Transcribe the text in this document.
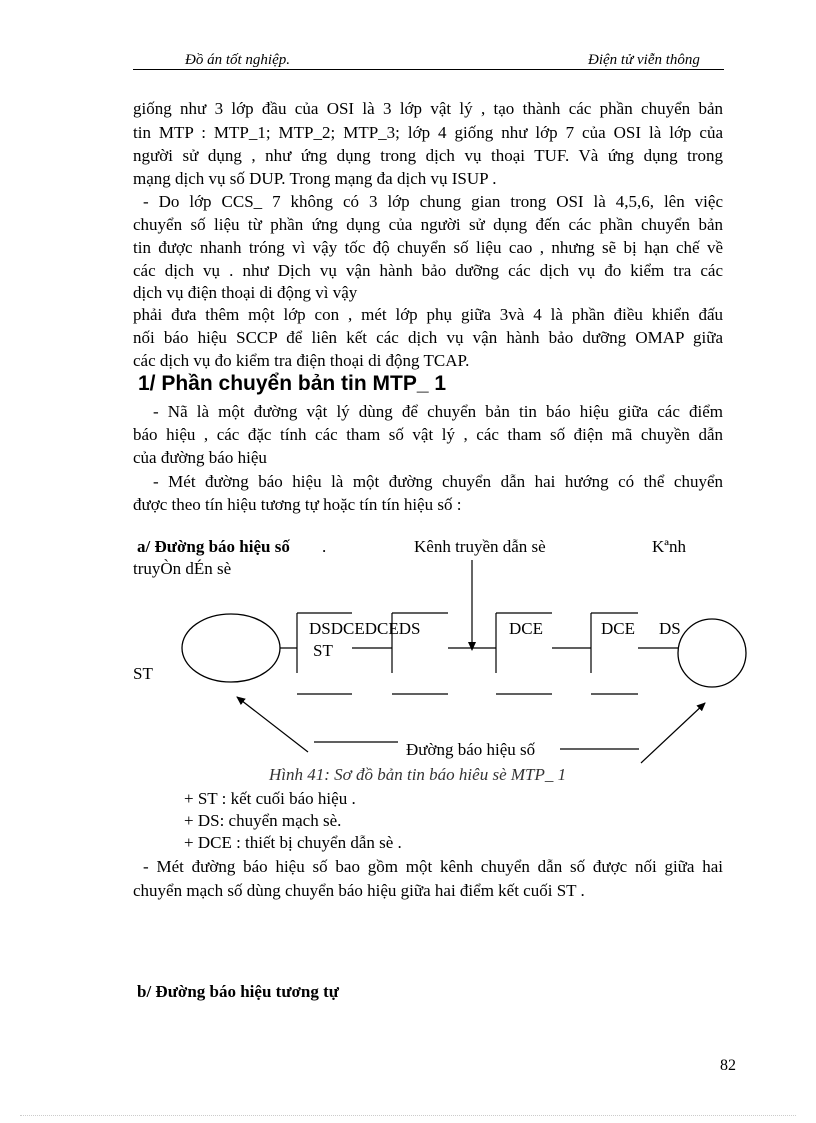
Đồ án tốt nghiệp.	Điện tử viễn thông
giống như 3 lớp đầu của OSI là 3 lớp vật lý , tạo thành các phần chuyển bản
tin MTP : MTP_1; MTP_2; MTP_3; lớp 4 giống như lớp 7 của OSI là lớp của
người sử dụng , như ứng dụng trong dịch vụ thoại TUF. Và ứng dụng trong
mạng dịch vụ số DUP. Trong mạng đa dịch vụ ISUP .
- Do lớp CCS_ 7 không có 3 lớp chung gian trong OSI là 4,5,6, lên việc
chuyển số liệu từ phần ứng dụng của người sử dụng đến các phần chuyển bản
tin được nhanh tróng vì vậy tốc độ chuyển số liệu cao , nhưng sẽ bị hạn chế về
các dịch vụ . như Dịch vụ vận hành bảo dưỡng các dịch vụ đo kiểm tra các
dịch vụ điện thoại di động vì vậy
phải đưa thêm một lớp con , mét lớp phụ giữa 3và 4 là phần điều khiển đấu
nối báo hiệu SCCP để liên kết các dịch vụ vận hành bảo dưỡng OMAP giữa
các dịch vụ đo kiểm tra điện thoại di động TCAP.
1/ Phần chuyển bản tin MTP_ 1
- Nã là một đường vật lý dùng để chuyển bản tin báo hiệu giữa các điểm
báo hiệu , các đặc tính các tham số vật lý , các tham số điện mã chuyền dẫn
của đường báo hiệu
- Mét đường báo hiệu là một đường chuyển dẫn hai hướng có thể chuyển
được theo tín hiệu tương tự hoặc tín tín hiệu số :
a/ Đường báo hiệu số .	Kênh truyền dẫn sè	Kªnh
truyÒn dÉn sè
DSDCEDCEDS
ST
DCE	DCE DS
ST
Đường báo hiệu số
Hình 41: Sơ đồ bản tin báo hiêu sè MTP_ 1
+ ST : kết cuối báo hiệu .
+ DS: chuyển mạch sè.
+ DCE : thiết bị chuyển dẫn sè .
- Mét đường báo hiệu số bao gồm một kênh chuyển dẫn số được nối giữa hai
chuyển mạch số dùng chuyển báo hiệu giữa hai điểm kết cuối ST .
b/ Đường báo hiệu tương tự
82
